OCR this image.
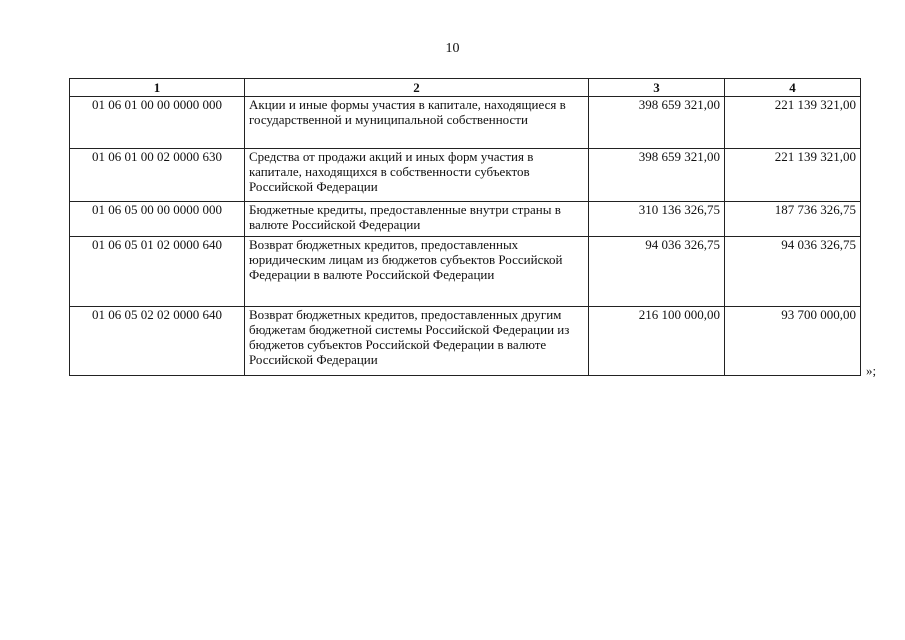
10
1	2	3	4
01 06 01 00 00 0000 000	Акции и иные формы участия в капитале, находящиеся в государственной и муниципальной собственности	398 659 321,00	221 139 321,00
01 06 01 00 02 0000 630	Средства от продажи акций и иных форм участия в капитале, находящихся в собственности субъектов Российской Федерации	398 659 321,00	221 139 321,00
01 06 05 00 00 0000 000	Бюджетные кредиты, предоставленные внутри страны в валюте Российской Федерации	310 136 326,75	187 736 326,75
01 06 05 01 02 0000 640	Возврат бюджетных кредитов, предоставленных юридическим лицам из бюджетов субъектов Российской Федерации в валюте Российской Федерации	94 036 326,75	94 036 326,75
01 06 05 02 02 0000 640	Возврат бюджетных кредитов, предоставленных другим бюджетам бюджетной системы Российской Федерации из бюджетов субъектов Российской Федерации в валюте Российской Федерации	216 100 000,00	93 700 000,00
»;
